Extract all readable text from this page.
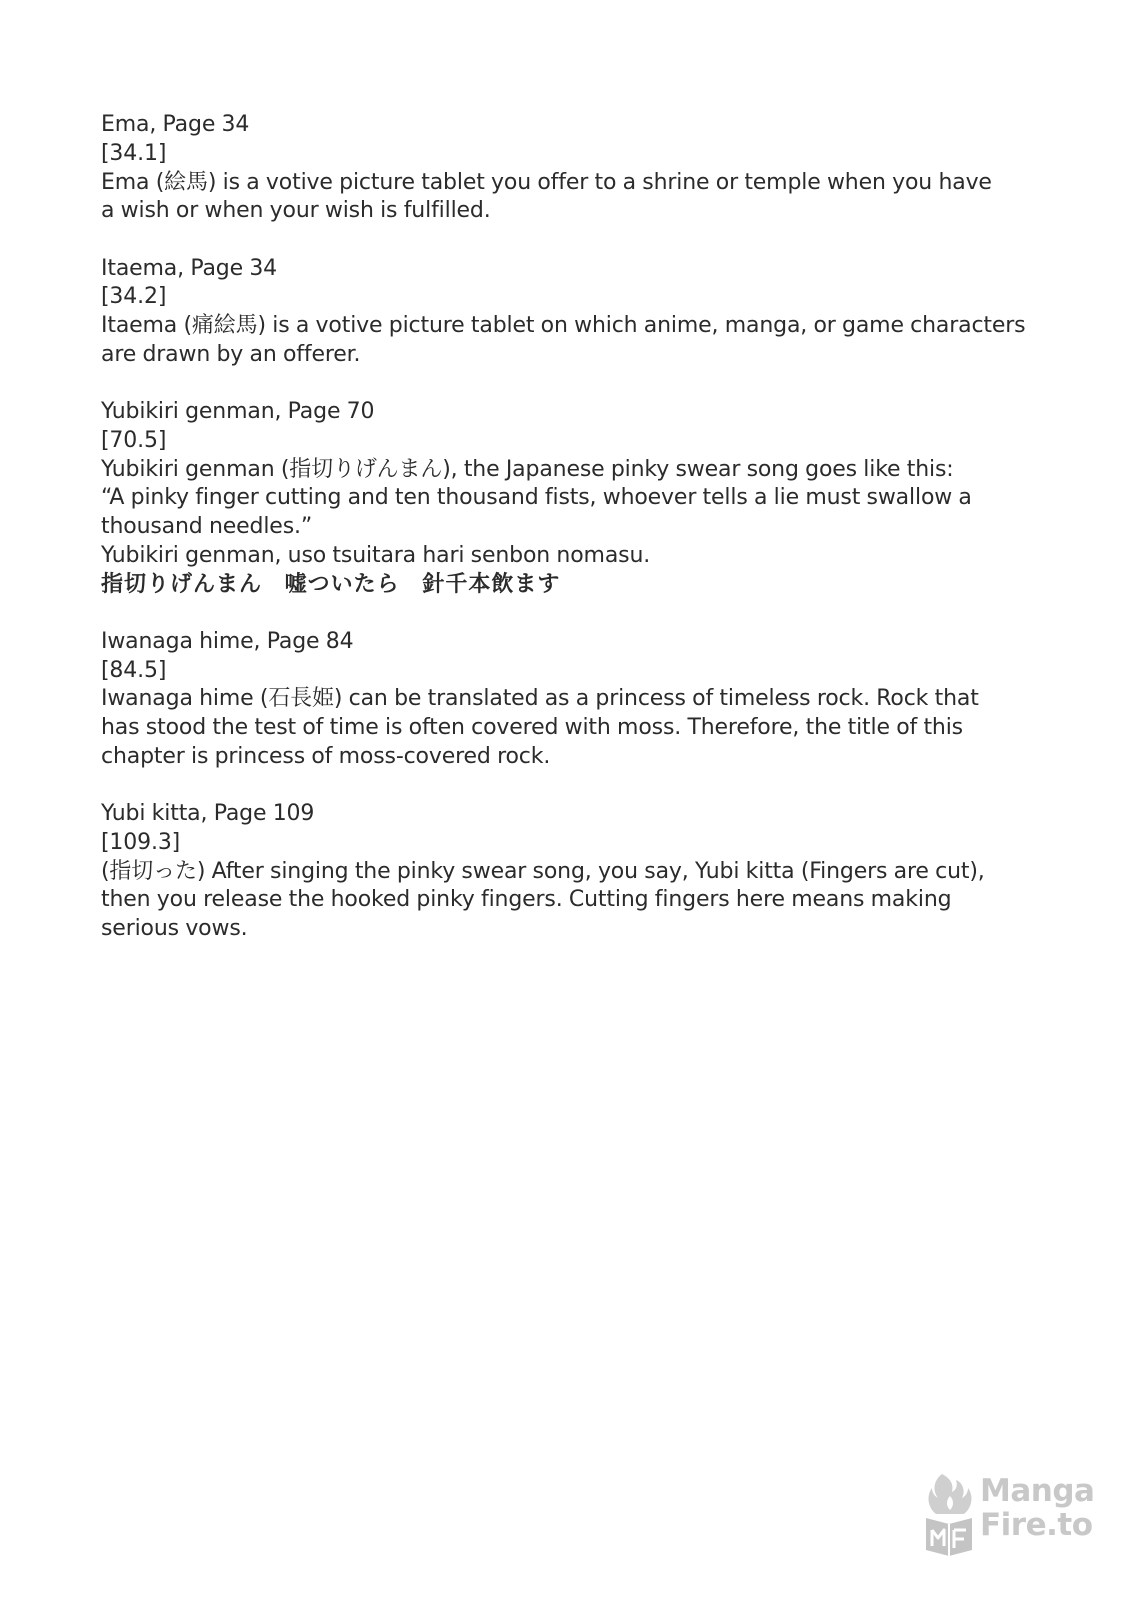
Ema, Page 34

[34.1]

Ema (絵馬) is a votive picture tablet you offer to a shrine or temple when you have

a wish or when your wish is fulfilled.

Itaema, Page 34

[34.2]

Itaema (痛絵馬) is a votive picture tablet on which anime, manga, or game characters

are drawn by an offerer.

Yubikiri genman, Page 70

[70.5]

Yubikiri genman (指切りげんまん), the Japanese pinky swear song goes like this:

“A pinky finger cutting and ten thousand fists, whoever tells a lie must swallow a

thousand needles.”

Yubikiri genman, uso tsuitara hari senbon nomasu.

指切りげんまん 嘘ついたら 針千本飲ます

Iwanaga hime, Page 84

[84.5]

Iwanaga hime (石長姫) can be translated as a princess of timeless rock. Rock that

has stood the test of time is often covered with moss. Therefore, the title of this

chapter is princess of moss-covered rock.

Yubi kitta, Page 109

[109.3]

(指切った) After singing the pinky swear song, you say, Yubi kitta (Fingers are cut),

then you release the hooked pinky fingers. Cutting fingers here means making

serious vows.

Manga
Fire.to
